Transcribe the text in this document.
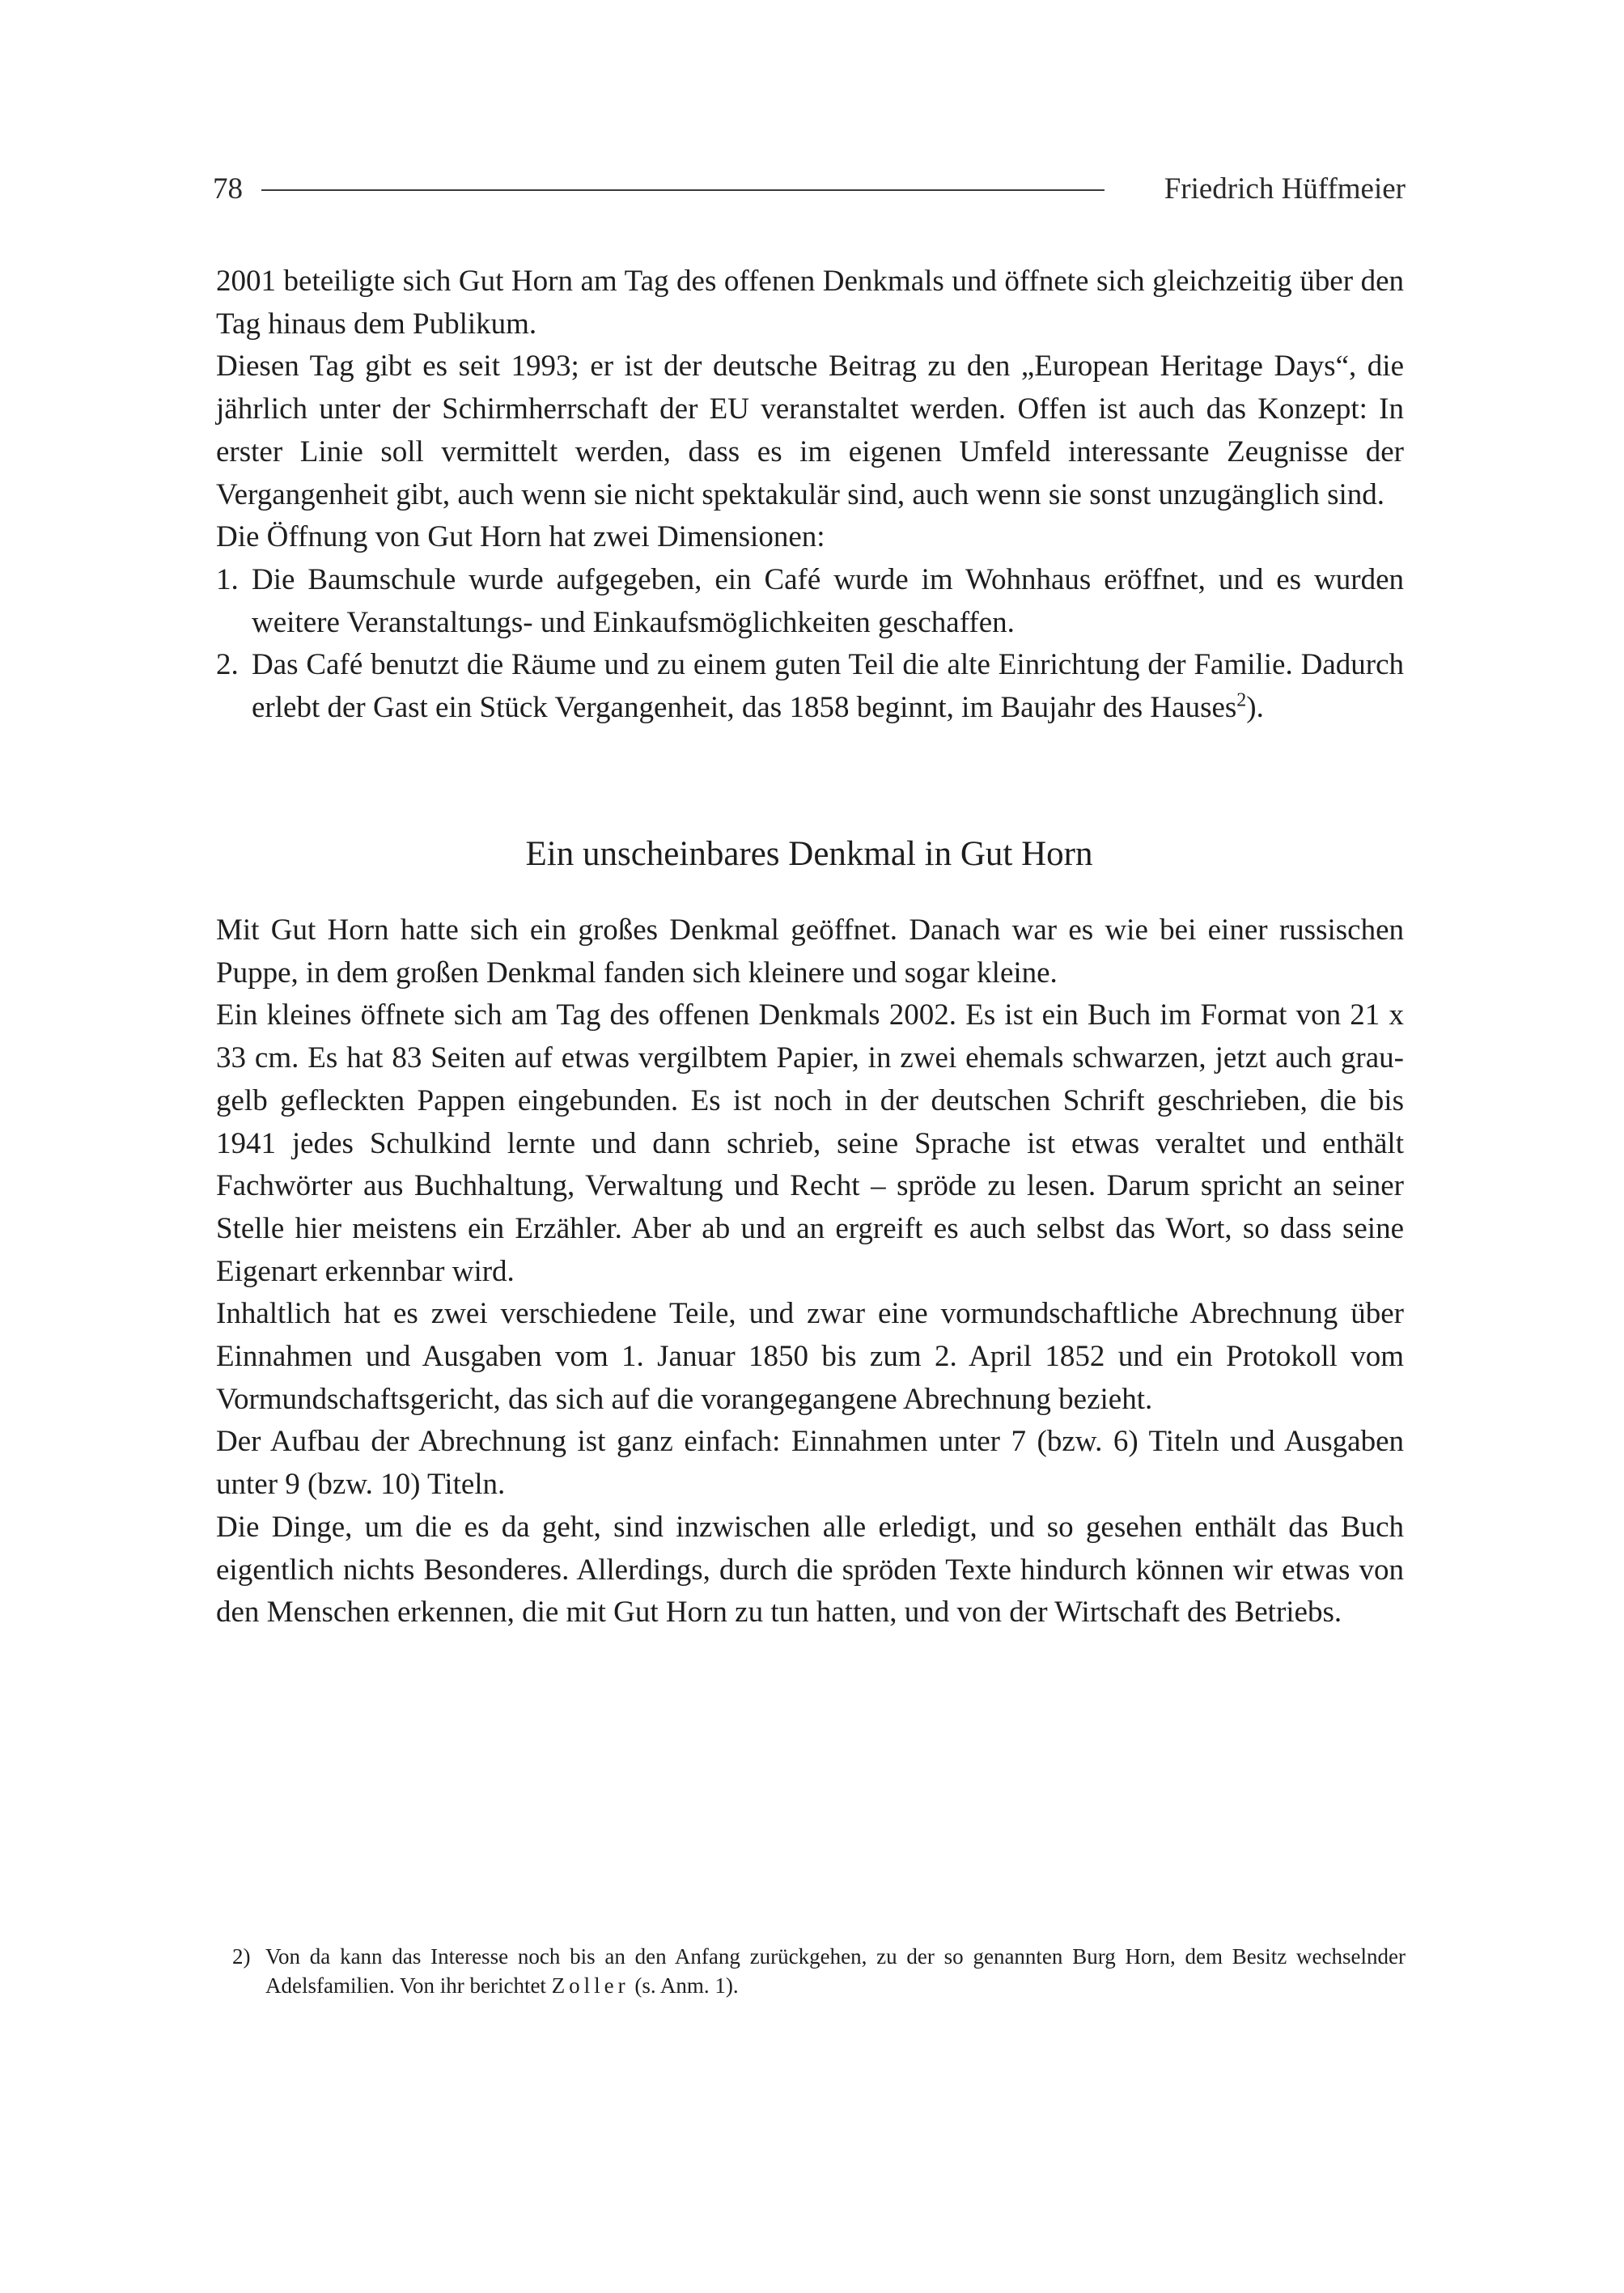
78	Friedrich Hüffmeier

2001 beteiligte sich Gut Horn am Tag des offenen Denkmals und öffnete sich gleichzeitig über den Tag hinaus dem Publikum.

Diesen Tag gibt es seit 1993; er ist der deutsche Beitrag zu den „European Heritage Days“, die jährlich unter der Schirmherrschaft der EU veranstaltet werden. Offen ist auch das Konzept: In erster Linie soll vermittelt werden, dass es im eigenen Umfeld interessante Zeugnisse der Vergangenheit gibt, auch wenn sie nicht spektakulär sind, auch wenn sie sonst unzugänglich sind.

Die Öffnung von Gut Horn hat zwei Dimensionen:

1. Die Baumschule wurde aufgegeben, ein Café wurde im Wohnhaus eröffnet, und es wurden weitere Veranstaltungs- und Einkaufsmöglichkeiten geschaffen.
2. Das Café benutzt die Räume und zu einem guten Teil die alte Einrichtung der Familie. Dadurch erlebt der Gast ein Stück Vergangenheit, das 1858 beginnt, im Baujahr des Hauses$^2$).
Ein unscheinbares Denkmal in Gut Horn

Mit Gut Horn hatte sich ein großes Denkmal geöffnet. Danach war es wie bei einer russischen Puppe, in dem großen Denkmal fanden sich kleinere und sogar kleine.

Ein kleines öffnete sich am Tag des offenen Denkmals 2002. Es ist ein Buch im Format von 21 x 33 cm. Es hat 83 Seiten auf etwas vergilbtem Papier, in zwei ehemals schwarzen, jetzt auch grau-gelb gefleckten Pappen eingebunden. Es ist noch in der deutschen Schrift geschrieben, die bis 1941 jedes Schulkind lernte und dann schrieb, seine Sprache ist etwas veraltet und enthält Fachwörter aus Buchhaltung, Verwaltung und Recht – spröde zu lesen. Darum spricht an seiner Stelle hier meistens ein Erzähler. Aber ab und an ergreift es auch selbst das Wort, so dass seine Eigenart erkennbar wird.

Inhaltlich hat es zwei verschiedene Teile, und zwar eine vormundschaftliche Abrechnung über Einnahmen und Ausgaben vom 1. Januar 1850 bis zum 2. April 1852 und ein Protokoll vom Vormundschaftsgericht, das sich auf die vorangegangene Abrechnung bezieht.

Der Aufbau der Abrechnung ist ganz einfach: Einnahmen unter 7 (bzw. 6) Titeln und Ausgaben unter 9 (bzw. 10) Titeln.

Die Dinge, um die es da geht, sind inzwischen alle erledigt, und so gesehen enthält das Buch eigentlich nichts Besonderes. Allerdings, durch die spröden Texte hindurch können wir etwas von den Menschen erkennen, die mit Gut Horn zu tun hatten, und von der Wirtschaft des Betriebs.

2) Von da kann das Interesse noch bis an den Anfang zurückgehen, zu der so genannten Burg Horn, dem Besitz wechselnder Adelsfamilien. Von ihr berichtet Zoller (s. Anm. 1).
